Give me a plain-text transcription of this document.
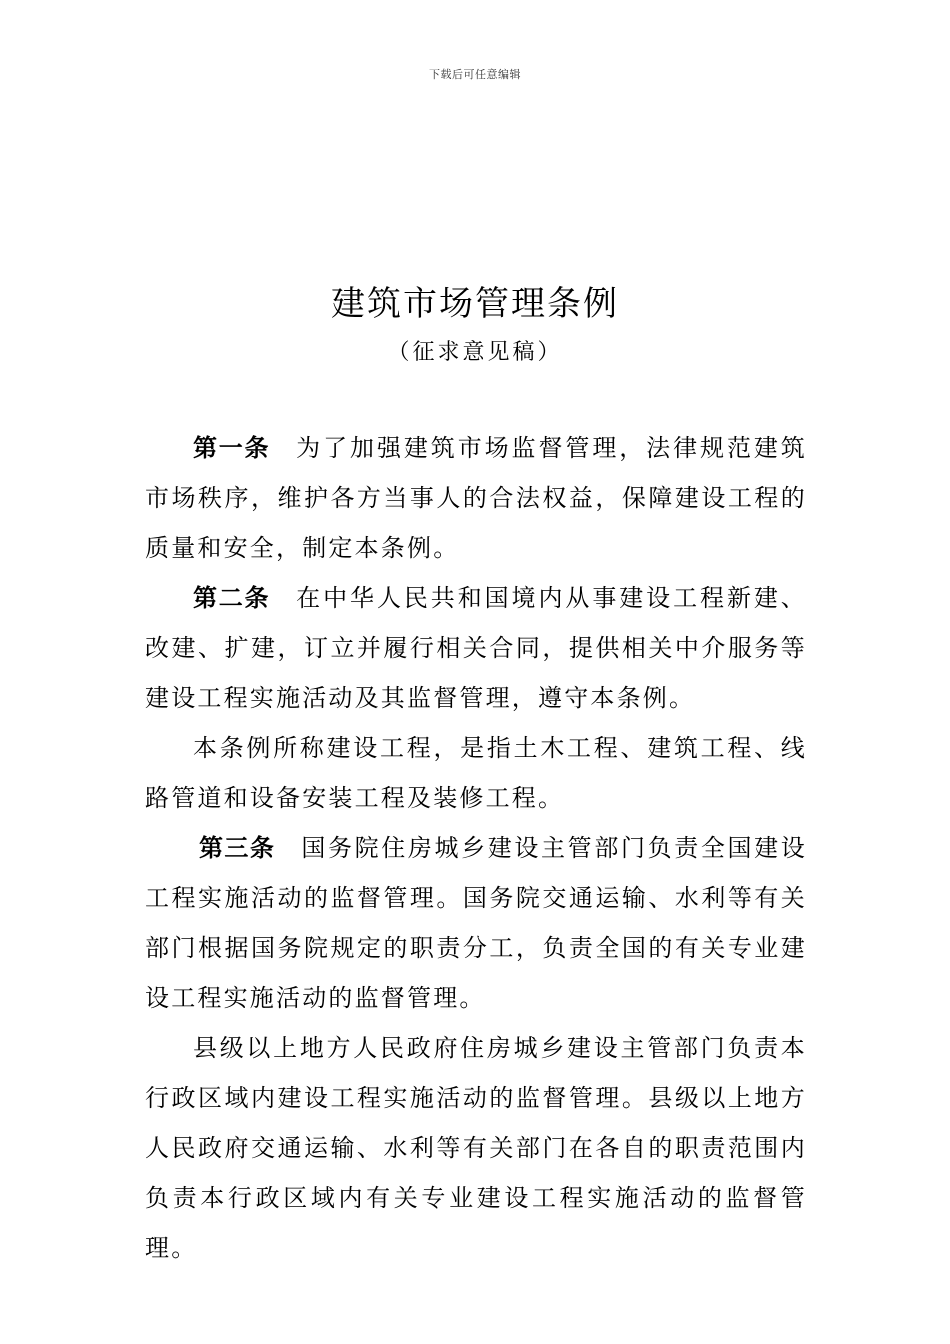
下载后可任意编辑
建筑市场管理条例
（征求意见稿）

第一条 为了加强建筑市场监督管理，法律规范建筑市场秩序，维护各方当事人的合法权益，保障建设工程的质量和安全，制定本条例。

第二条 在中华人民共和国境内从事建设工程新建、改建、扩建，订立并履行相关合同，提供相关中介服务等建设工程实施活动及其监督管理，遵守本条例。

本条例所称建设工程，是指土木工程、建筑工程、线路管道和设备安装工程及装修工程。

第三条 国务院住房城乡建设主管部门负责全国建设工程实施活动的监督管理。国务院交通运输、水利等有关部门根据国务院规定的职责分工，负责全国的有关专业建设工程实施活动的监督管理。

县级以上地方人民政府住房城乡建设主管部门负责本行政区域内建设工程实施活动的监督管理。县级以上地方人民政府交通运输、水利等有关部门在各自的职责范围内负责本行政区域内有关专业建设工程实施活动的监督管理。
